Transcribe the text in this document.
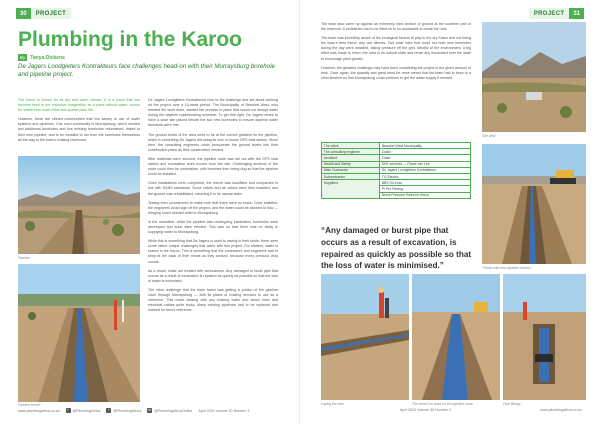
30	PROJECT
Plumbing in the Karoo
By	Tanya Dickens
De Jagers Loodgieters Kontrakteurs face challenges head-on with their Murraysburg borehole and pipeline project.

The Karoo is known for its dry and warm climate. It is a place that has become fixed in our collective imagination as a place without water, known for sweat from much effort and sparse plant life.

However, there are vibrant communities that live sanely to use of water systems and pipelines. One such community is Murraysburg, which needed two additional boreholes and five existing boreholes refurbished, linked to their new pipeline, and to be installed to run from the boreholes themselves all the way to the town's existing reservoirs.

Pipeline
Pipeline trench

De Jagers Loodgieters Kontrakteurs rose to the challenge and set about working on the project over a 14-week period. The Municipality of Beaufort West, who needed the work done, wanted the process in place that would not disrupt water during the daytime loadshedding schedule. To get this right, De Jagers chose to have a solar site placed beside the two new boreholes to ensure daytime water demands were met.

The ground levels of the area need to be at the correct gradient for the pipeline, which is something De Jagers did using its new in-house GPS total station. Since then, the consulting engineers could incorporate the ground levels into their construction plans as their construction needed.

After materials were secured, the pipeline route was set out with the GPS total station and excavation work moved from the site. Challenging sections of the route could then be undertaken, with trenches then being dug so that the pipeline could be installed.

Once installations were completed, the trench was backfilled and compacted in line with SANS standards. Scour valves and air valves were then installed, and the ground was rehabilitated, returning it to its natural state.

Testing then commenced to make sure that there were no leaks. Once satisfied, the engineers could sign off the project, and the water could be allowed to flow — bringing much-needed relief to Murraysburg.

In the meantime, while the pipeline was undergoing installation, boreholes were developed and solar sites erected. This was so that there was no delay in supplying water to Murraysburg.

While this is something that De Jagers is used to having in their stride, there were some rather unique challenges that came with this project. For starters, water is scarce in the Karoo. This is something that the contractors and engineers had to keep at the back of their minds as they worked, because every precious drop counts.

As a result, leaks are treated with seriousness. Any damaged or burst pipe that occurs as a result of excavation is repaired as quickly as possible so that the loss of water is minimised.

The other challenge that the team faced was getting a portion of the pipeline route through Murraysburg — with its plains of existing services to use as a reference. This made dealing with any existing water and sewer lines and electrical cables quite tricky. Many existing pipelines had to be replaced and marked for future reference.

www.plumbingafrica.co.za	f	@PlumbingAfrica	t	@PlumbingAfrica	in @PlumbingAfricaOnline April 2024 Volume 30 Number 3
PROJECT	31

The town also came up against an extremely hard section of ground at the southern part of the reservoir. A pedestrian had to be lifted on to so accessible to break the rock.

The team was incredibly aware of the ecological factors at play in the dry Karoo and not being the town's best friend. Any wet ditches. Two solar sites that could run both new boreholes during the day were installed, taking pressure off the grid. Mindful of the environment, a big effort was made to return the area to its natural state and reuse any excavated over the state to encourage plant growth.

However, the greatest challenge may have been completing the project in the given amount of time. Once again, the quantity and great need for more meant that the team had to keep to a strict timeline so that Murraysburg could continue to get the water supply it needed.

The client	Beaufort West Municipality
The consulting engineer	Zutari
Architect	Zutari
Health and Safety	SHE services — Rizwe van Lee
Main Contractor	De Jagers Loodgieters Kontrakteurs
Subcontractor	TG Electric
Suppliers	BBS Oil-Less
	Pi Pro Flexing
	Breck Pressure Sales for Africa
“Any damaged or burst pipe that occurs as a result of excavation, is repaired as quickly as possible so that the loss of water is minimised.”
Site view
Trench with new pipeline section
Laying the new	The trench for work on the pipeline route	Pipe fittings
April 2024 Volume 30 Number 3	www.plumbingafrica.co.za
